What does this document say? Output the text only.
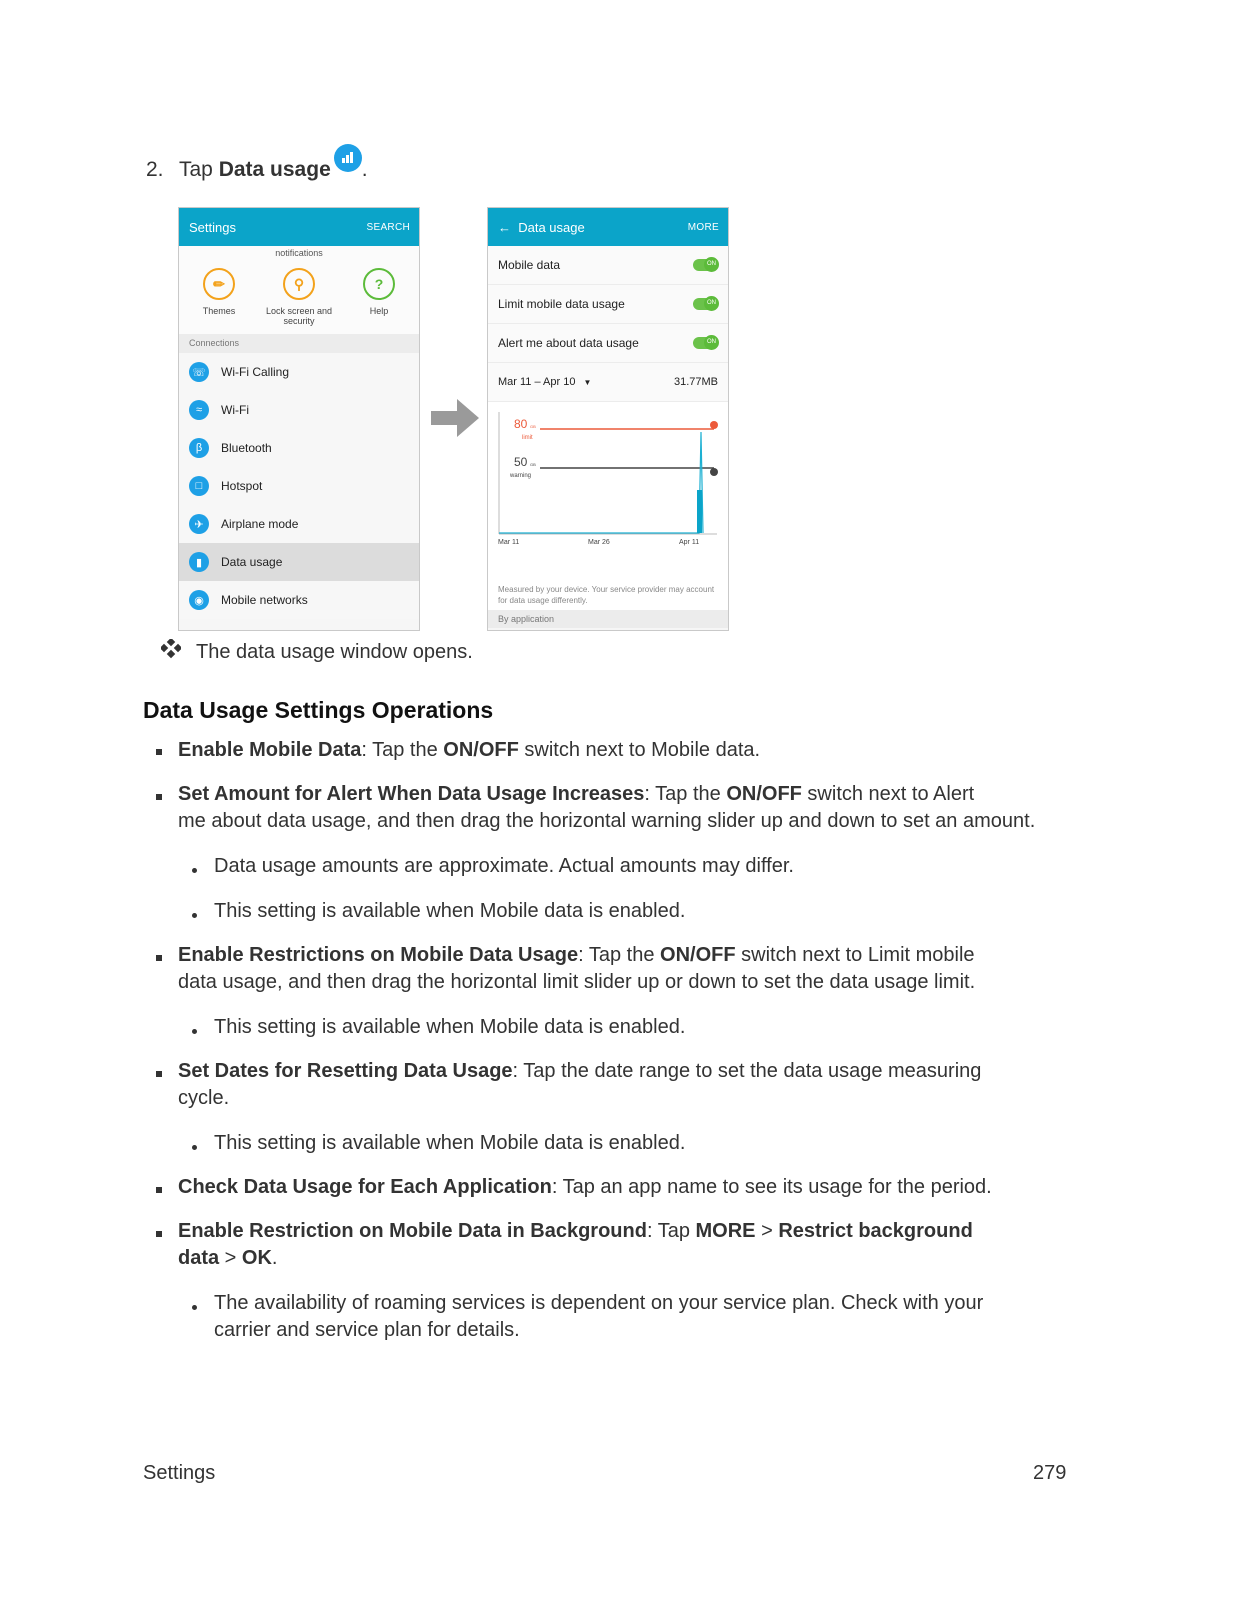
2. Tap Data usage .
Settings	SEARCH
notifications
✏
Themes
⚲
Lock screen and security
?
Help
Connections
☏ Wi-Fi Calling
≈	Wi-Fi
β	Bluetooth
□	Hotspot
✈	Airplane mode
▮	Data usage
◉	Mobile networks
← Data usage	MORE
Mobile data	ON
Limit mobile data usage	ON
Alert me about data usage	ON
Mar 11 – Apr 10 ▼	31.77MB
80 GB
limit
50 GB
warning
Mar 11	Mar 26	Apr 11
Measured by your device. Your service provider may account for data usage differently.
By application
The data usage window opens.
Data Usage Settings Operations
Enable Mobile Data: Tap the ON/OFF switch next to Mobile data.
Set Amount for Alert When Data Usage Increases: Tap the ON/OFF switch next to Alert
me about data usage, and then drag the horizontal warning slider up and down to set an amount.
Data usage amounts are approximate. Actual amounts may differ.
This setting is available when Mobile data is enabled.
Enable Restrictions on Mobile Data Usage: Tap the ON/OFF switch next to Limit mobile
data usage, and then drag the horizontal limit slider up or down to set the data usage limit.
This setting is available when Mobile data is enabled.
Set Dates for Resetting Data Usage: Tap the date range to set the data usage measuring
cycle.
This setting is available when Mobile data is enabled.
Check Data Usage for Each Application: Tap an app name to see its usage for the period.
Enable Restriction on Mobile Data in Background: Tap MORE > Restrict background
data > OK.
The availability of roaming services is dependent on your service plan. Check with your
carrier and service plan for details.
Settings	279
